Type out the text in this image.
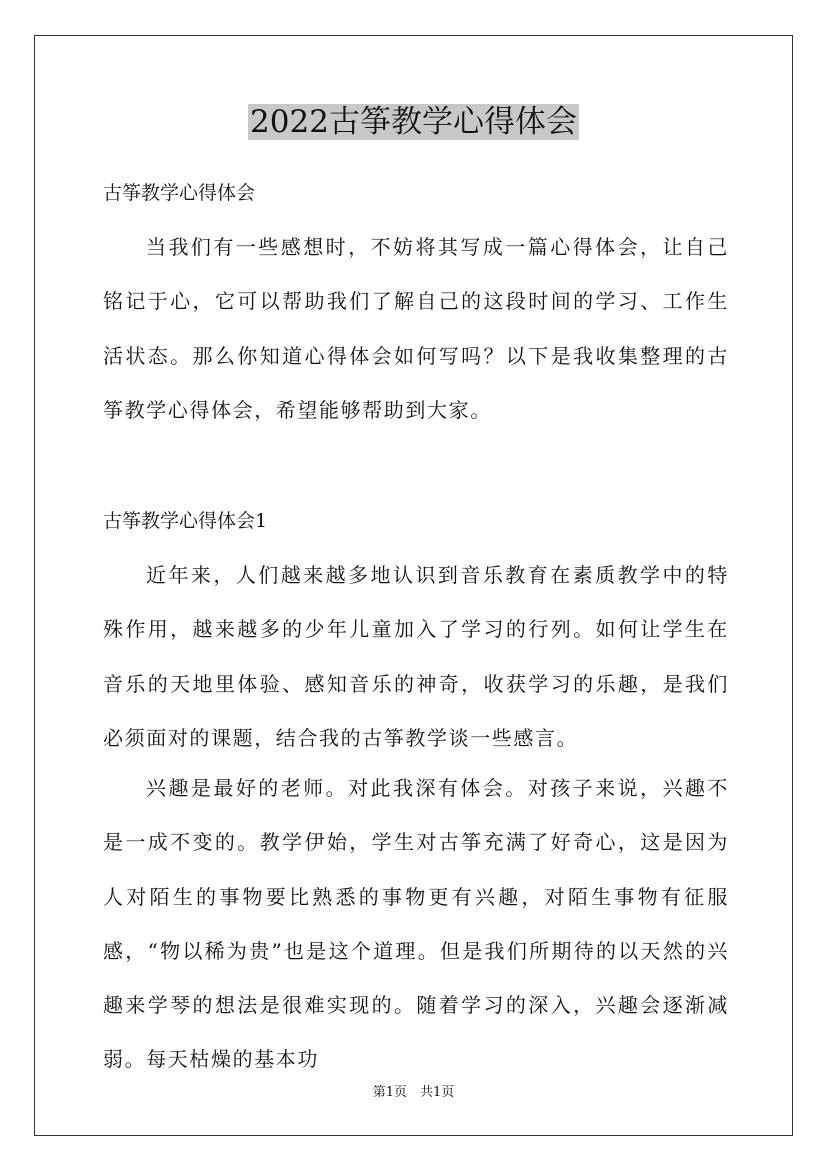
2022古筝教学心得体会
古筝教学心得体会

当我们有一些感想时，不妨将其写成一篇心得体会，让自己铭记于心，它可以帮助我们了解自己的这段时间的学习、工作生活状态。那么你知道心得体会如何写吗？以下是我收集整理的古筝教学心得体会，希望能够帮助到大家。

古筝教学心得体会1

近年来，人们越来越多地认识到音乐教育在素质教学中的特殊作用，越来越多的少年儿童加入了学习的行列。如何让学生在音乐的天地里体验、感知音乐的神奇，收获学习的乐趣，是我们必须面对的课题，结合我的古筝教学谈一些感言。

兴趣是最好的老师。对此我深有体会。对孩子来说，兴趣不是一成不变的。教学伊始，学生对古筝充满了好奇心，这是因为人对陌生的事物要比熟悉的事物更有兴趣，对陌生事物有征服感，“物以稀为贵”也是这个道理。但是我们所期待的以天然的兴趣来学琴的想法是很难实现的。随着学习的深入，兴趣会逐渐减弱。每天枯燥的基本功

第1页　共1页
